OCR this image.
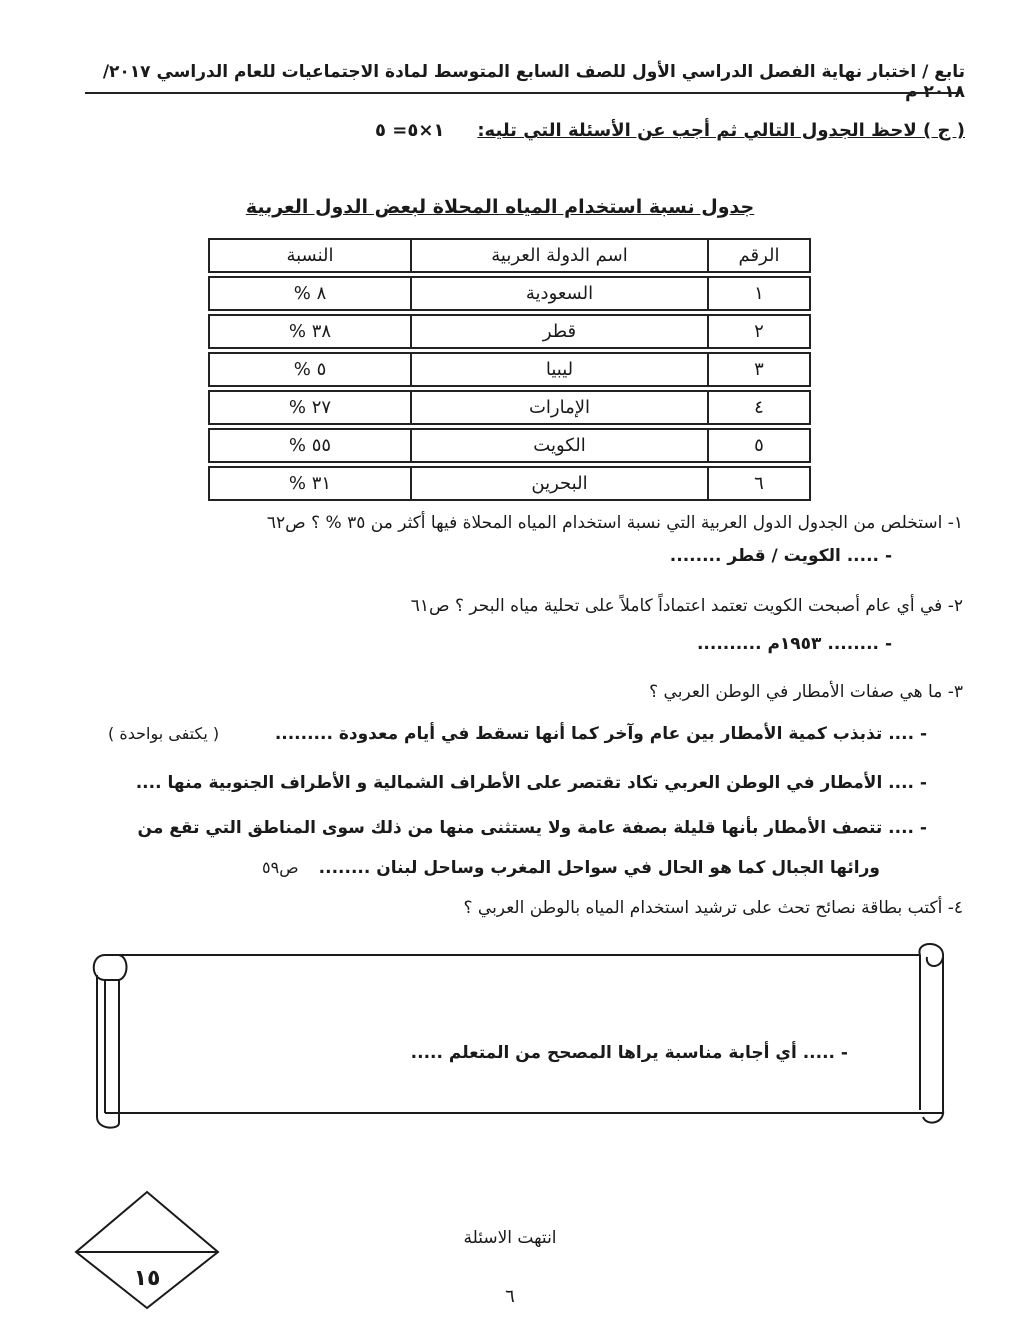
تابع / اختبار نهاية الفصل الدراسي الأول للصف السابع المتوسط لمادة الاجتماعيات للعام الدراسي ٢٠١٧/ ٢٠١٨ م
( ج ) لاحظ الجدول التالي ثم أجب عن الأسئلة التي تليه:
١×٥= ٥
جدول نسبة استخدام المياه المحلاة لبعض الدول العربية
الرقم	اسم الدولة العربية	النسبة

١	السعودية	٨ %

٢	قطر	٣٨ %

٣	ليبيا	٥ %

٤	الإمارات	٢٧ %

٥	الكويت	٥٥ %

٦	البحرين	٣١ %
١- استخلص من الجدول الدول العربية التي نسبة استخدام المياه المحلاة فيها أكثر من ٣٥ % ؟ ص٦٢
- ..... الكويت / قطر ........
٢- في أي عام أصبحت الكويت تعتمد اعتماداً كاملاً على تحلية مياه البحر ؟ ص٦١
- ........ ١٩٥٣م ..........
٣- ما هي صفات الأمطار في الوطن العربي ؟
- .... تذبذب كمية الأمطار بين عام وآخر كما أنها تسقط في أيام معدودة .........
( يكتفى بواحدة )
- .... الأمطار في الوطن العربي تكاد تقتصر على الأطراف الشمالية و الأطراف الجنوبية منها ....
- .... تتصف الأمطار بأنها قليلة بصفة عامة ولا يستثنى منها من ذلك سوى المناطق التي تقع من
ورائها الجبال كما هو الحال في سواحل المغرب وساحل لبنان ........
ص٥٩
٤- أكتب بطاقة نصائح تحث على ترشيد استخدام المياه بالوطن العربي ؟
- ..... أي أجابة مناسبة يراها المصحح من المتعلم .....
انتهت الاسئلة
٦
١٥
